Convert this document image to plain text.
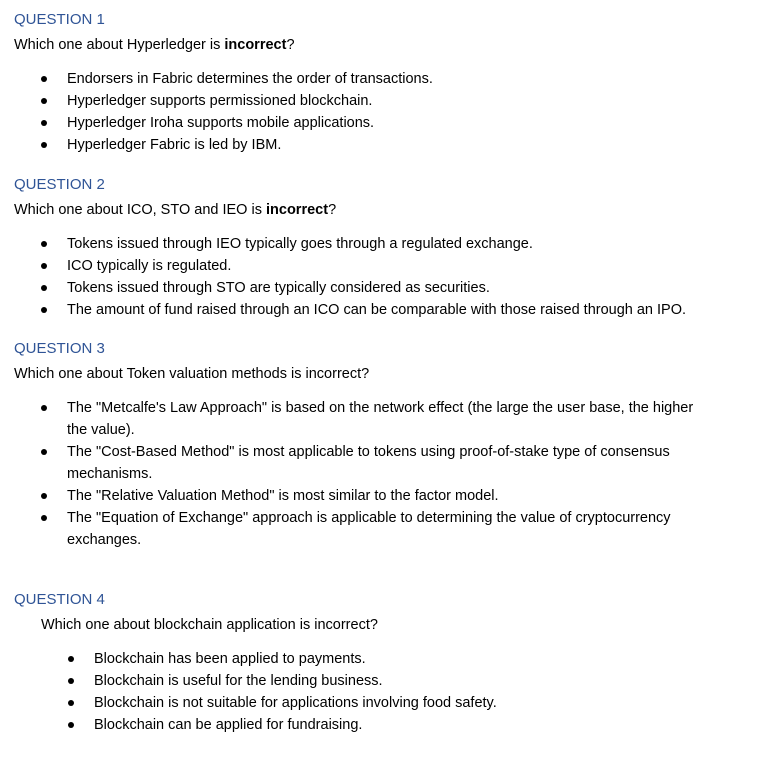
QUESTION 1
Which one about Hyperledger is incorrect?
Endorsers in Fabric determines the order of transactions.
Hyperledger supports permissioned blockchain.
Hyperledger Iroha supports mobile applications.
Hyperledger Fabric is led by IBM.
QUESTION 2
Which one about ICO, STO and IEO is incorrect?
Tokens issued through IEO typically goes through a regulated exchange.
ICO typically is regulated.
Tokens issued through STO are typically considered as securities.
The amount of fund raised through an ICO can be comparable with those raised through an IPO.
QUESTION 3
Which one about Token valuation methods is incorrect?
The "Metcalfe's Law Approach" is based on the network effect (the large the user base, the higher the value).
The "Cost-Based Method" is most applicable to tokens using proof-of-stake type of consensus mechanisms.
The "Relative Valuation Method" is most similar to the factor model.
The "Equation of Exchange" approach is applicable to determining the value of cryptocurrency exchanges.
QUESTION 4
Which one about blockchain application is incorrect?
Blockchain has been applied to payments.
Blockchain is useful for the lending business.
Blockchain is not suitable for applications involving food safety.
Blockchain can be applied for fundraising.
